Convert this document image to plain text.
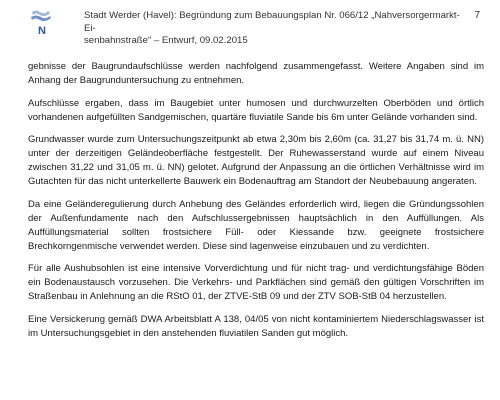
N
Stadt Werder (Havel): Begründung zum Bebauungsplan Nr. 066/12 „Nahversorgermarkt- Ei-
senbahnstraße“ – Entwurf, 09.02.2015
7

gebnisse der Baugrundaufschlüsse werden nachfolgend zusammengefasst. Weitere Angaben sind im Anhang der Baugrunduntersuchung zu entnehmen.

Aufschlüsse ergaben, dass im Baugebiet unter humosen und durchwurzelten Oberböden und örtlich vorhandenen aufgefüllten Sandgemischen, quartäre fluviatile Sande bis 6m unter Gelände vorhanden sind.

Grundwasser wurde zum Untersuchungszeitpunkt ab etwa 2,30m bis 2,60m (ca. 31,27 bis 31,74 m. ü. NN) unter der derzeitigen Geländeoberfläche festgestellt. Der Ruhewasserstand wurde auf einem Niveau zwischen 31,22 und 31,05 m. ü. NN) gelotet. Aufgrund der Anpassung an die örtlichen Verhältnisse wird im Gutachten für das nicht unterkellerte Bauwerk ein Bodenauftrag am Standort der Neubebauung angeraten.

Da eine Geländeregulierung durch Anhebung des Geländes erforderlich wird, liegen die Gründungssohlen der Außenfundamente nach den Aufschlussergebnissen hauptsächlich in den Auffüllungen. Als Auffüllungsmaterial sollten frostsichere Füll- oder Kiessande bzw. geeignete frostsichere Brechkorngenmische verwendet werden. Diese sind lagenweise einzubauen und zu verdichten.

Für alle Aushubsohlen ist eine intensive Vorverdichtung und für nicht trag- und verdichtungsfähige Böden ein Bodenaustausch vorzusehen. Die Verkehrs- und Parkflächen sind gemäß den gültigen Vorschriften im Straßenbau in Anlehnung an die RStO 01, der ZTVE-StB 09 und der ZTV SOB-StB 04 herzustellen.

Eine Versickerung gemäß DWA Arbeitsblatt A 138, 04/05 von nicht kontaminiertem Niederschlagswasser ist im Untersuchungsgebiet in den anstehenden fluviatilen Sanden gut möglich.
